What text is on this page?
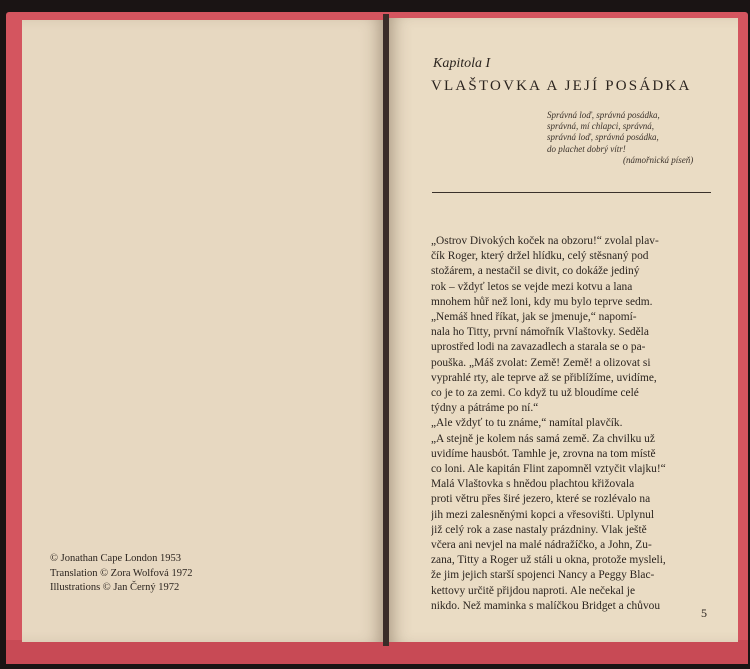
© Jonathan Cape London 1953
Translation © Zora Wolfová 1972
Illustrations © Jan Černý 1972
Kapitola I
VLAŠTOVKA A JEJÍ POSÁDKA
Správná loď, správná posádka,
správná, mí chlapci, správná,
správná loď, správná posádka,
do plachet dobrý vítr!
(námořnická píseň)
„Ostrov Divokých koček na obzoru!“ zvolal plav-
čík Roger, který držel hlídku, celý stěsnaný pod
stožárem, a nestačil se divit, co dokáže jediný
rok – vždyť letos se vejde mezi kotvu a lana
mnohem hůř než loni, kdy mu bylo teprve sedm.
„Nemáš hned říkat, jak se jmenuje,“ napomí-
nala ho Titty, první námořník Vlaštovky. Seděla
uprostřed lodi na zavazadlech a starala se o pa-
pouška. „Máš zvolat: Země! Země! a olizovat si
vyprahlé rty, ale teprve až se přiblížíme, uvidíme,
co je to za zemi. Co když tu už bloudíme celé
týdny a pátráme po ní.“
„Ale vždyť to tu známe,“ namítal plavčík.
„A stejně je kolem nás samá země. Za chvilku už
uvidíme hausbót. Tamhle je, zrovna na tom místě
co loni. Ale kapitán Flint zapomněl vztyčit vlajku!“
Malá Vlaštovka s hnědou plachtou křižovala
proti větru přes širé jezero, které se rozlévalo na
jih mezi zalesněnými kopci a vřesovišti. Uplynul
již celý rok a zase nastaly prázdniny. Vlak ještě
včera ani nevjel na malé nádražíčko, a John, Zu-
zana, Titty a Roger už stáli u okna, protože mysleli,
že jim jejich starší spojenci Nancy a Peggy Blac-
kettovy určitě přijdou naproti. Ale nečekal je
nikdo. Než maminka s malíčkou Bridget a chůvou
5
